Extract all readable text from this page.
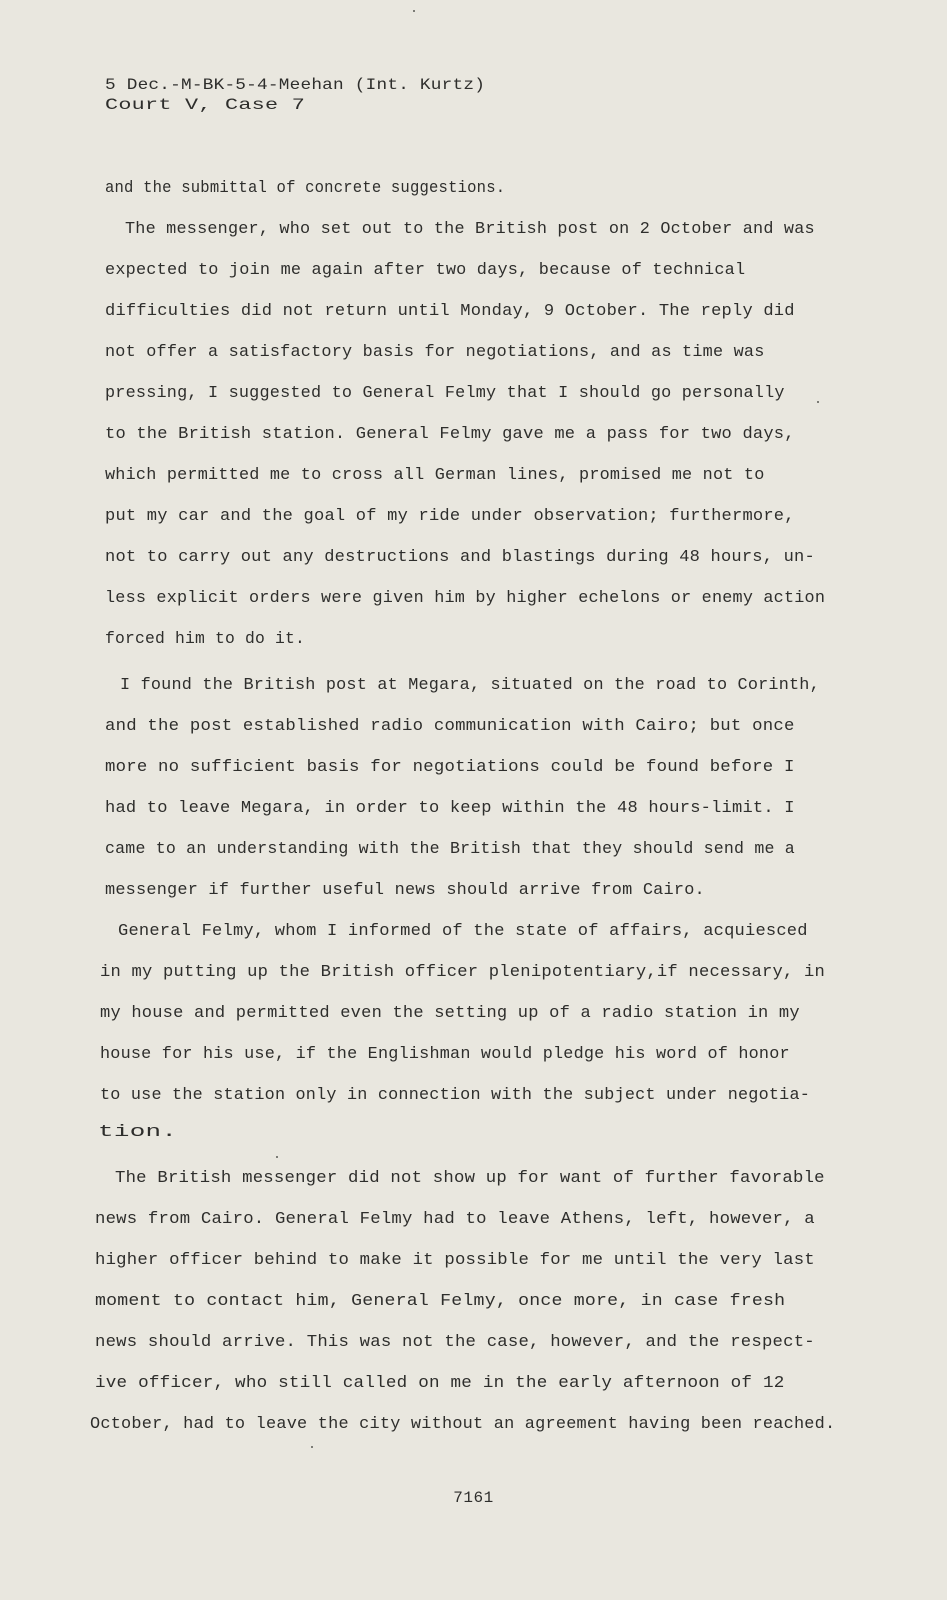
5 Dec.-M-BK-5-4-Meehan (Int. Kurtz)
Court V, Case 7
and the submittal of concrete suggestions.
The messenger, who set out to the British post on 2 October and was
expected to join me again after two days, because of technical
difficulties did not return until Monday, 9 October. The reply did
not offer a satisfactory basis for negotiations, and as time was
pressing, I suggested to General Felmy that I should go personally
to the British station. General Felmy gave me a pass for two days,
which permitted me to cross all German lines, promised me not to
put my car and the goal of my ride under observation; furthermore,
not to carry out any destructions and blastings during 48 hours, un-
less explicit orders were given him by higher echelons or enemy action
forced him to do it.
I found the British post at Megara, situated on the road to Corinth,
and the post established radio communication with Cairo; but once
more no sufficient basis for negotiations could be found before I
had to leave Megara, in order to keep within the 48 hours-limit. I
came to an understanding with the British that they should send me a
messenger if further useful news should arrive from Cairo.
General Felmy, whom I informed of the state of affairs, acquiesced
in my putting up the British officer plenipotentiary,if necessary, in
my house and permitted even the setting up of a radio station in my
house for his use, if the Englishman would pledge his word of honor
to use the station only in connection with the subject under negotia-
tion.
The British messenger did not show up for want of further favorable
news from Cairo. General Felmy had to leave Athens, left, however, a
higher officer behind to make it possible for me until the very last
moment to contact him, General Felmy, once more, in case fresh
news should arrive. This was not the case, however, and the respect-
ive officer, who still called on me in the early afternoon of 12
October, had to leave the city without an agreement having been reached.
7161
